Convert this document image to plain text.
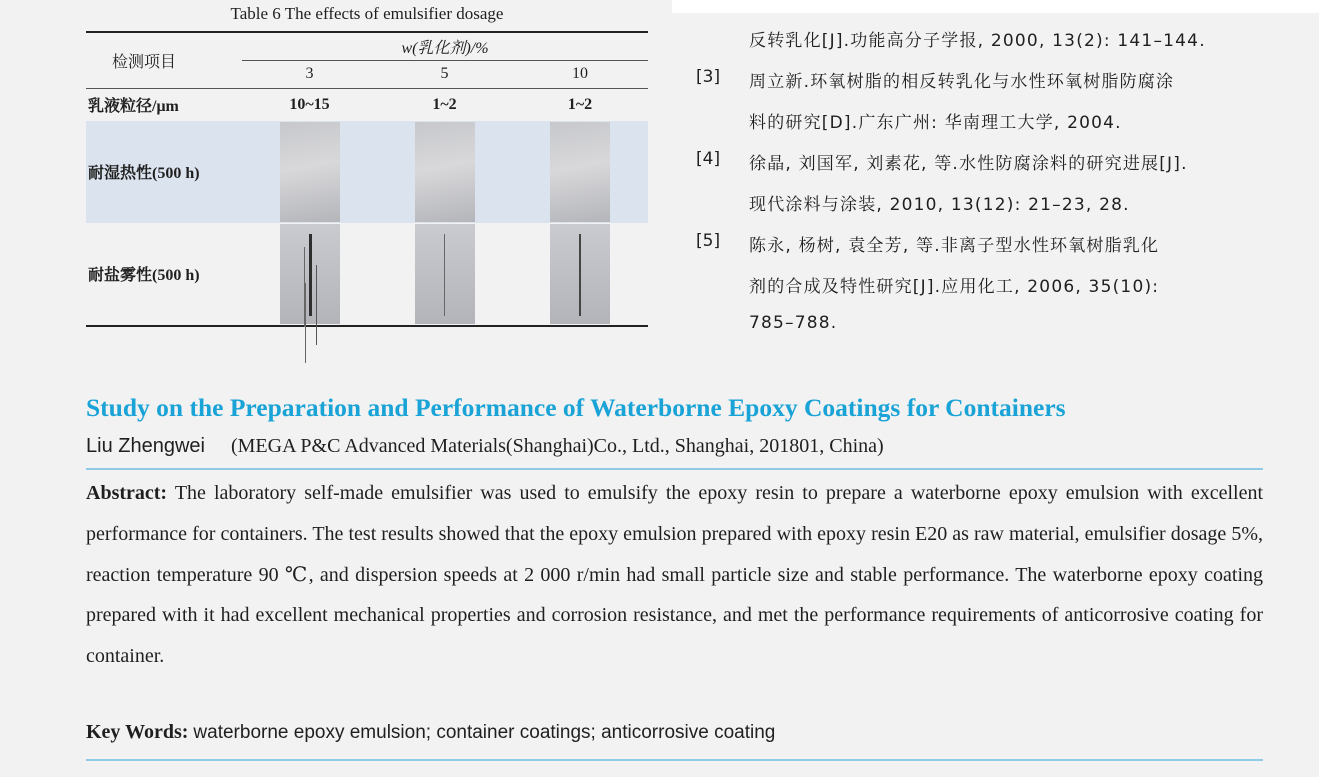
Table 6 The effects of emulsifier dosage
检测项目	w(乳化剂)/%		
	3	5	10
乳液粒径/μm	10~15	1~2	1~2
耐湿热性(500 h)			
耐盐雾性(500 h)	

反转乳化[J].功能高分子学报, 2000, 13(2): 141–144.
[3] 周立新.环氧树脂的相反转乳化与水性环氧树脂防腐涂
料的研究[D].广东广州: 华南理工大学, 2004.
[4] 徐晶, 刘国军, 刘素花, 等.水性防腐涂料的研究进展[J].
现代涂料与涂装, 2010, 13(12): 21–23, 28.
[5] 陈永, 杨树, 袁全芳, 等.非离子型水性环氧树脂乳化
剂的合成及特性研究[J].应用化工, 2006, 35(10):
785–788.
Study on the Preparation and Performance of Waterborne Epoxy Coatings for Containers
Liu Zhengwei (MEGA P&C Advanced Materials(Shanghai)Co., Ltd., Shanghai, 201801, China)
Abstract: The laboratory self-made emulsifier was used to emulsify the epoxy resin to prepare a waterborne epoxy emulsion with excellent performance for containers. The test results showed that the epoxy emulsion prepared with epoxy resin E20 as raw material, emulsifier dosage 5%, reaction temperature 90 ℃, and dispersion speeds at 2 000 r/min had small particle size and stable performance. The waterborne epoxy coating prepared with it had excellent mechanical properties and corrosion resistance, and met the performance requirements of anticorrosive coating for container.
Key Words: waterborne epoxy emulsion; container coatings; anticorrosive coating
